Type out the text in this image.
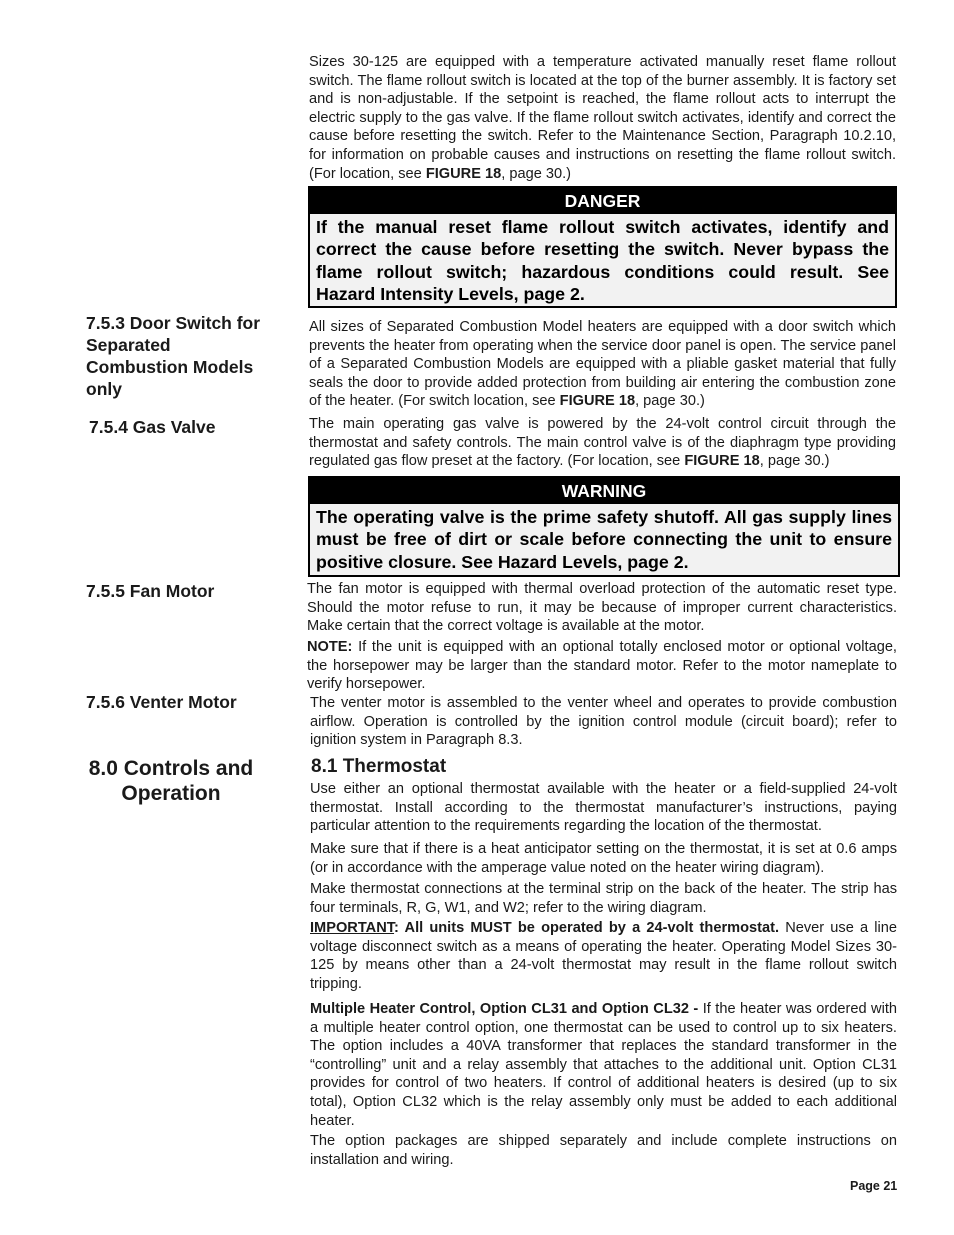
Sizes 30-125 are equipped with a temperature activated manually reset flame rollout switch. The flame rollout switch is located at the top of the burner assembly. It is factory set and is non-adjustable. If the setpoint is reached, the flame rollout acts to interrupt the electric supply to the gas valve. If the flame rollout switch activates, identify and correct the cause before resetting the switch. Refer to the Maintenance Section, Paragraph 10.2.10, for information on probable causes and instructions on resetting the flame rollout switch. (For location, see FIGURE 18, page 30.)

DANGER
If the manual reset flame rollout switch activates, identify and correct the cause before resetting the switch. Never bypass the flame rollout switch; hazardous conditions could result. See Hazard Intensity Levels, page 2.
7.5.3 Door Switch for Separated Combustion Models only

All sizes of Separated Combustion Model heaters are equipped with a door switch which prevents the heater from operating when the service door panel is open. The service panel of a Separated Combustion Models are equipped with a pliable gasket material that fully seals the door to provide added protection from building air entering the combustion zone of the heater. (For switch location, see FIGURE 18, page 30.)

7.5.4 Gas Valve	The main operating gas valve is powered by the 24-volt control circuit through the thermostat and safety controls. The main control valve is of the diaphragm type providing regulated gas flow preset at the factory. (For location, see FIGURE 18, page 30.)

WARNING
The operating valve is the prime safety shutoff. All gas supply lines must be free of dirt or scale before connecting the unit to ensure positive closure. See Hazard Levels, page 2.
7.5.5 Fan Motor	The fan motor is equipped with thermal overload protection of the automatic reset type. Should the motor refuse to run, it may be because of improper current characteristics. Make certain that the correct voltage is available at the motor.

NOTE: If the unit is equipped with an optional totally enclosed motor or optional voltage, the horsepower may be larger than the standard motor. Refer to the motor nameplate to verify horsepower.

7.5.6 Venter Motor	The venter motor is assembled to the venter wheel and operates to provide combustion airflow. Operation is controlled by the ignition control module (circuit board); refer to ignition system in Paragraph 8.3.

8.0 Controls and Operation
8.1 Thermostat

Use either an optional thermostat available with the heater or a field-supplied 24-volt thermostat. Install according to the thermostat manufacturer’s instructions, paying particular attention to the requirements regarding the location of the thermostat.

Make sure that if there is a heat anticipator setting on the thermostat, it is set at 0.6 amps (or in accordance with the amperage value noted on the heater wiring diagram).

Make thermostat connections at the terminal strip on the back of the heater. The strip has four terminals, R, G, W1, and W2; refer to the wiring diagram.

IMPORTANT: All units MUST be operated by a 24-volt thermostat. Never use a line voltage disconnect switch as a means of operating the heater. Operating Model Sizes 30-125 by means other than a 24-volt thermostat may result in the flame rollout switch tripping.

Multiple Heater Control, Option CL31 and Option CL32 - If the heater was ordered with a multiple heater control option, one thermostat can be used to control up to six heaters. The option includes a 40VA transformer that replaces the standard transformer in the “controlling” unit and a relay assembly that attaches to the additional unit. Option CL31 provides for control of two heaters. If control of additional heaters is desired (up to six total), Option CL32 which is the relay assembly only must be added to each additional heater.

The option packages are shipped separately and include complete instructions on installation and wiring.

Page 21
